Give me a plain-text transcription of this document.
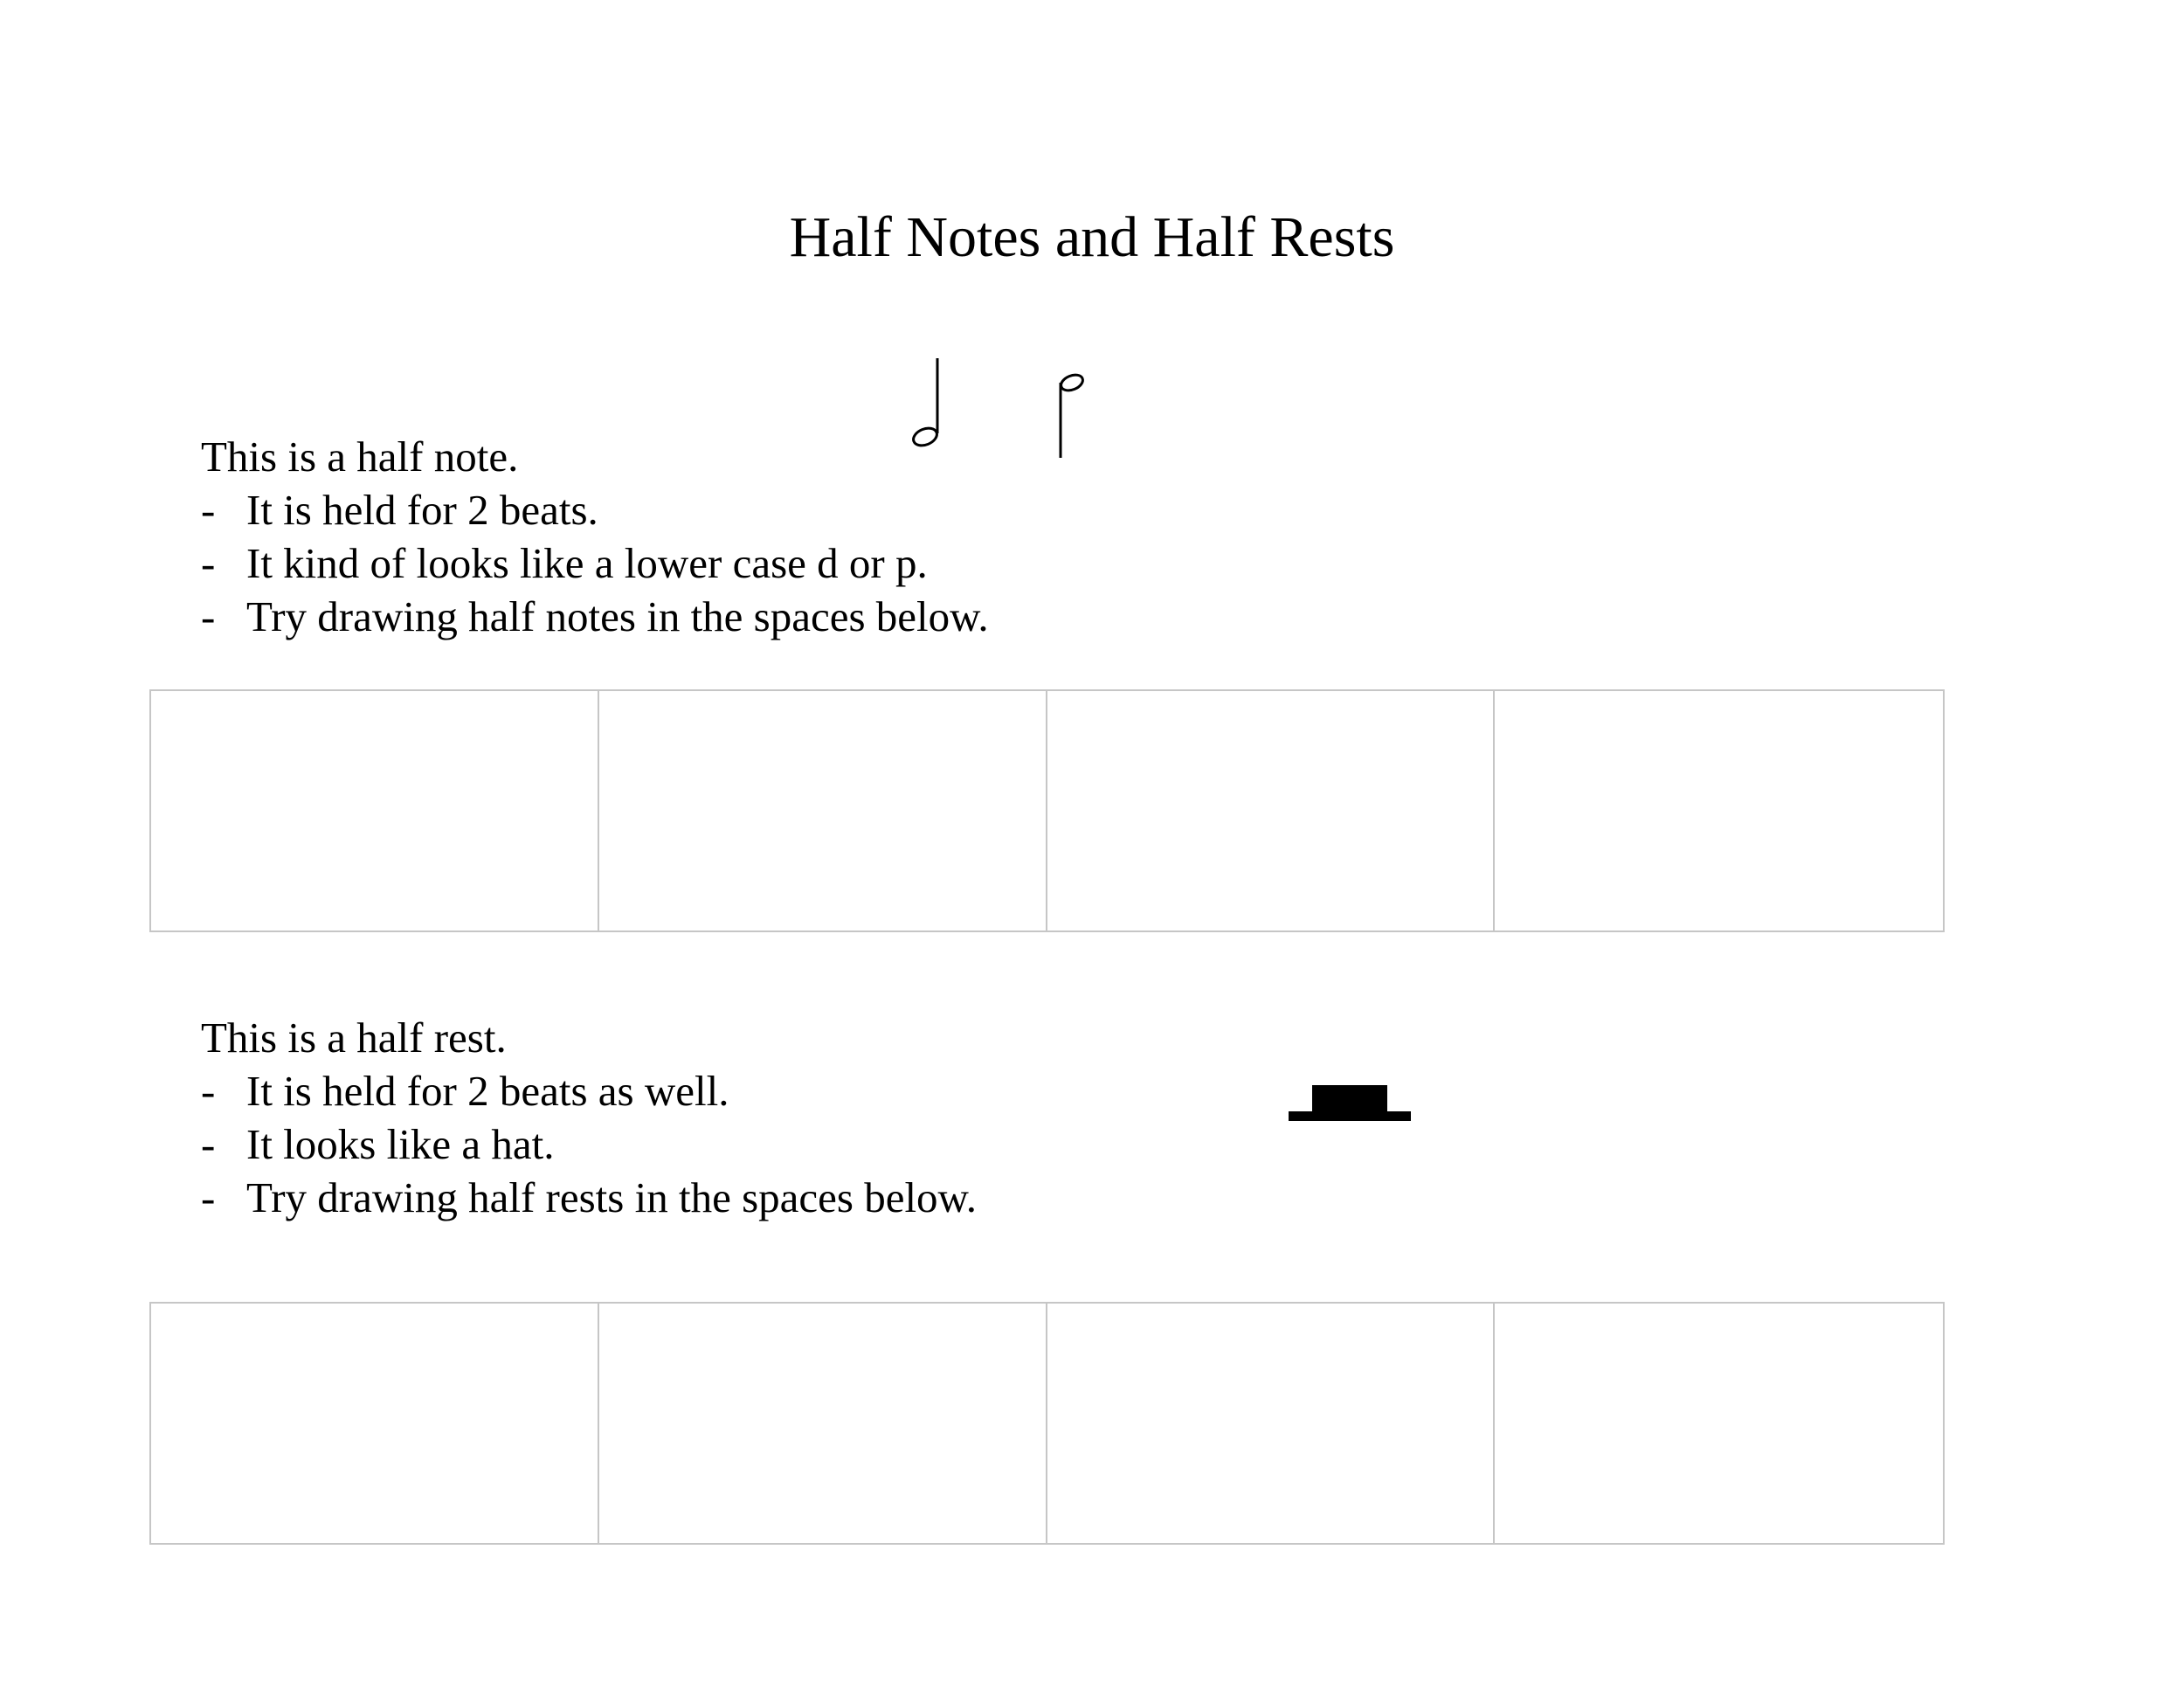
Half Notes and Half Rests
This is a half note.
- It is held for 2 beats.
- It kind of looks like a lower case d or p.
- Try drawing half notes in the spaces below.
This is a half rest.
- It is held for 2 beats as well.
- It looks like a hat.
- Try drawing half rests in the spaces below.
